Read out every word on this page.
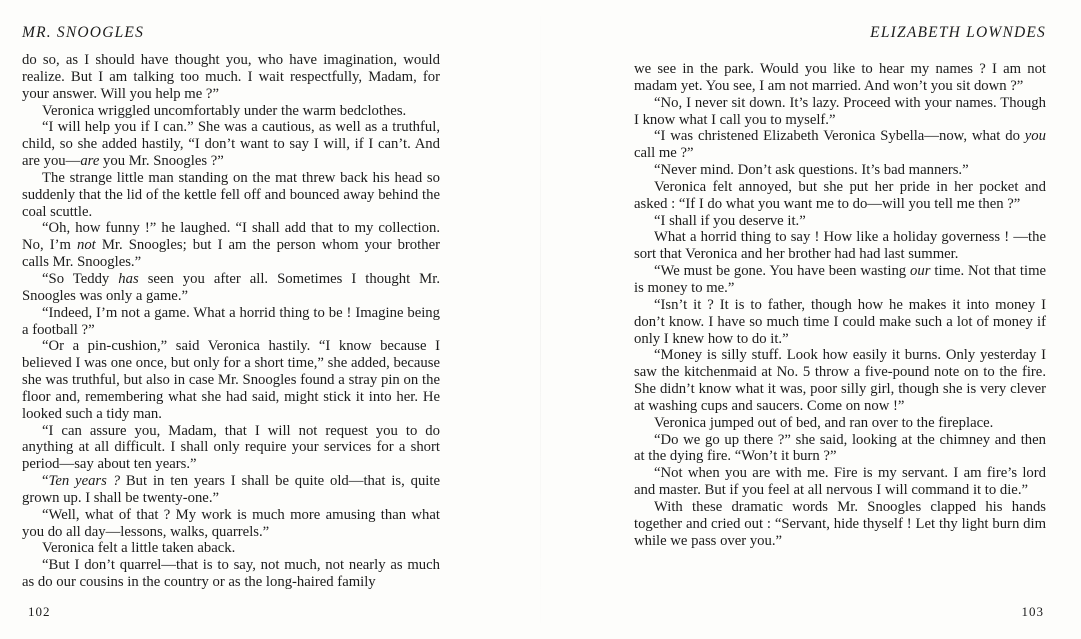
MR. SNOOGLES

do so, as I should have thought you, who have imagination, would realize. But I am talking too much. I wait respectfully, Madam, for your answer. Will you help me ?”

Veronica wriggled uncomfortably under the warm bedclothes.

“I will help you if I can.” She was a cautious, as well as a truthful, child, so she added hastily, “I don’t want to say I will, if I can’t. And are you—are you Mr. Snoogles ?”

The strange little man standing on the mat threw back his head so suddenly that the lid of the kettle fell off and bounced away behind the coal scuttle.

“Oh, how funny !” he laughed. “I shall add that to my collection. No, I’m not Mr. Snoogles; but I am the person whom your brother calls Mr. Snoogles.”

“So Teddy has seen you after all. Sometimes I thought Mr. Snoogles was only a game.”

“Indeed, I’m not a game. What a horrid thing to be ! Imagine being a football ?”

“Or a pin-cushion,” said Veronica hastily. “I know because I believed I was one once, but only for a short time,” she added, because she was truthful, but also in case Mr. Snoogles found a stray pin on the floor and, remembering what she had said, might stick it into her. He looked such a tidy man.

“I can assure you, Madam, that I will not request you to do anything at all difficult. I shall only require your services for a short period—say about ten years.”

“Ten years ? But in ten years I shall be quite old—that is, quite grown up. I shall be twenty-one.”

“Well, what of that ? My work is much more amusing than what you do all day—lessons, walks, quarrels.”

Veronica felt a little taken aback.

“But I don’t quarrel—that is to say, not much, not nearly as much as do our cousins in the country or as the long-haired family

102
ELIZABETH LOWNDES

we see in the park. Would you like to hear my names ? I am not madam yet. You see, I am not married. And won’t you sit down ?”

“No, I never sit down. It’s lazy. Proceed with your names. Though I know what I call you to myself.”

“I was christened Elizabeth Veronica Sybella—now, what do you call me ?”

“Never mind. Don’t ask questions. It’s bad manners.”

Veronica felt annoyed, but she put her pride in her pocket and asked : “If I do what you want me to do—will you tell me then ?”

“I shall if you deserve it.”

What a horrid thing to say ! How like a holiday governess ! —the sort that Veronica and her brother had had last summer.

“We must be gone. You have been wasting our time. Not that time is money to me.”

“Isn’t it ? It is to father, though how he makes it into money I don’t know. I have so much time I could make such a lot of money if only I knew how to do it.”

“Money is silly stuff. Look how easily it burns. Only yesterday I saw the kitchenmaid at No. 5 throw a five-pound note on to the fire. She didn’t know what it was, poor silly girl, though she is very clever at washing cups and saucers. Come on now !”

Veronica jumped out of bed, and ran over to the fireplace.

“Do we go up there ?” she said, looking at the chimney and then at the dying fire. “Won’t it burn ?”

“Not when you are with me. Fire is my servant. I am fire’s lord and master. But if you feel at all nervous I will command it to die.”

With these dramatic words Mr. Snoogles clapped his hands together and cried out : “Servant, hide thyself ! Let thy light burn dim while we pass over you.”

103
